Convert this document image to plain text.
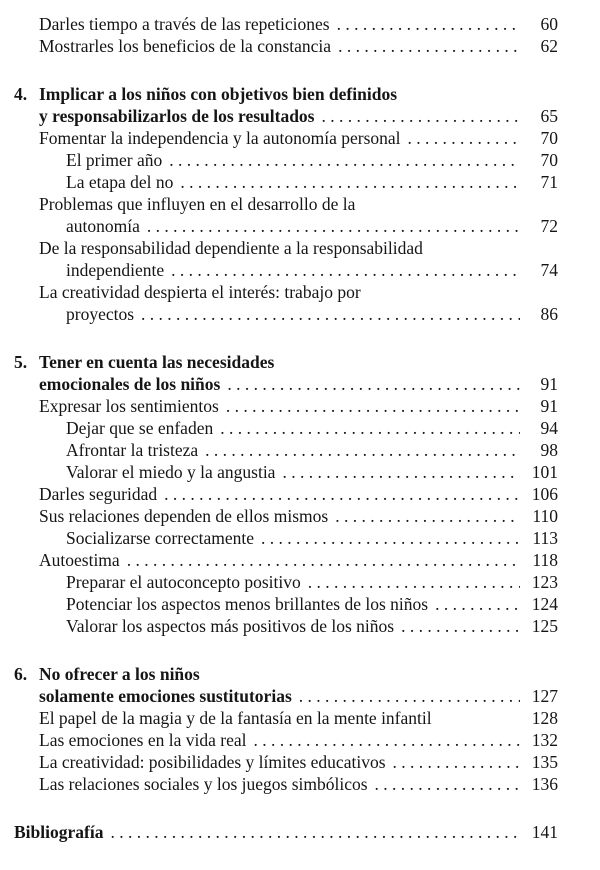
Darles tiempo a través de las repeticiones . . .	60
Mostrarles los beneficios de la constancia . . .	62
4. Implicar a los niños con objetivos bien definidos
y responsabilizarlos de los resultados . . .	65
Fomentar la independencia y la autonomía personal . . .	70
El primer año . . .	70
La etapa del no . . .	71
Problemas que influyen en el desarrollo de la
autonomía . . .	72
De la responsabilidad dependiente a la responsabilidad
independiente . . .	74
La creatividad despierta el interés: trabajo por
proyectos . . .	86
5. Tener en cuenta las necesidades
emocionales de los niños . . .	91
Expresar los sentimientos . . .	91
Dejar que se enfaden . . .	94
Afrontar la tristeza . . .	98
Valorar el miedo y la angustia . . .	101
Darles seguridad . . .	106
Sus relaciones dependen de ellos mismos . . .	110
Socializarse correctamente . . .	113
Autoestima . . .	118
Preparar el autoconcepto positivo . . .	123
Potenciar los aspectos menos brillantes de los niños . . .	124
Valorar los aspectos más positivos de los niños . . .	125
6. No ofrecer a los niños
solamente emociones sustitutorias . . .	127
El papel de la magia y de la fantasía en la mente infantil	128
Las emociones en la vida real . . .	132
La creatividad: posibilidades y límites educativos . . .	135
Las relaciones sociales y los juegos simbólicos . . .	136
Bibliografía . . .	141
